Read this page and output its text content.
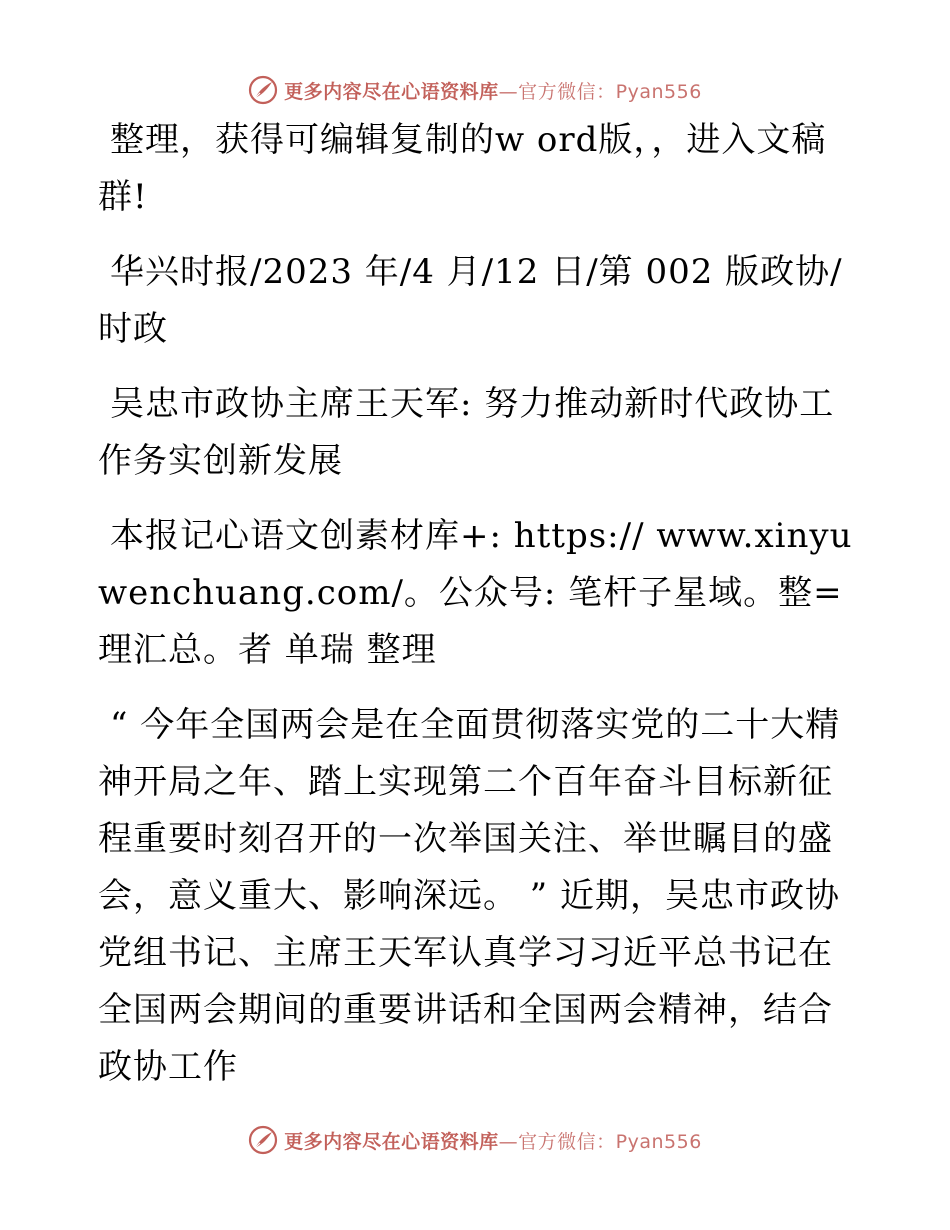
更多内容尽在心语资料库—官方微信：Pyan556

整理，获得可编辑复制的w ord版，，进入文稿群!

华兴时报/2023 年/4 月/12 日/第 002 版政协/时政

吴忠市政协主席王天军: 努力推动新时代政协工作务实创新发展

本报记心语文创素材库+: https:// www.xinyuwenchuang.com/。公众号: 笔杆子星域。整=理汇总。者 单瑞 整理

“ 今年全国两会是在全面贯彻落实党的二十大精神开局之年、踏上实现第二个百年奋斗目标新征程重要时刻召开的一次举国关注、举世瞩目的盛会，意义重大、影响深远。 ” 近期，吴忠市政协党组书记、主席王天军认真学习习近平总书记在全国两会期间的重要讲话和全国两会精神，结合政协工作

更多内容尽在心语资料库—官方微信：Pyan556
